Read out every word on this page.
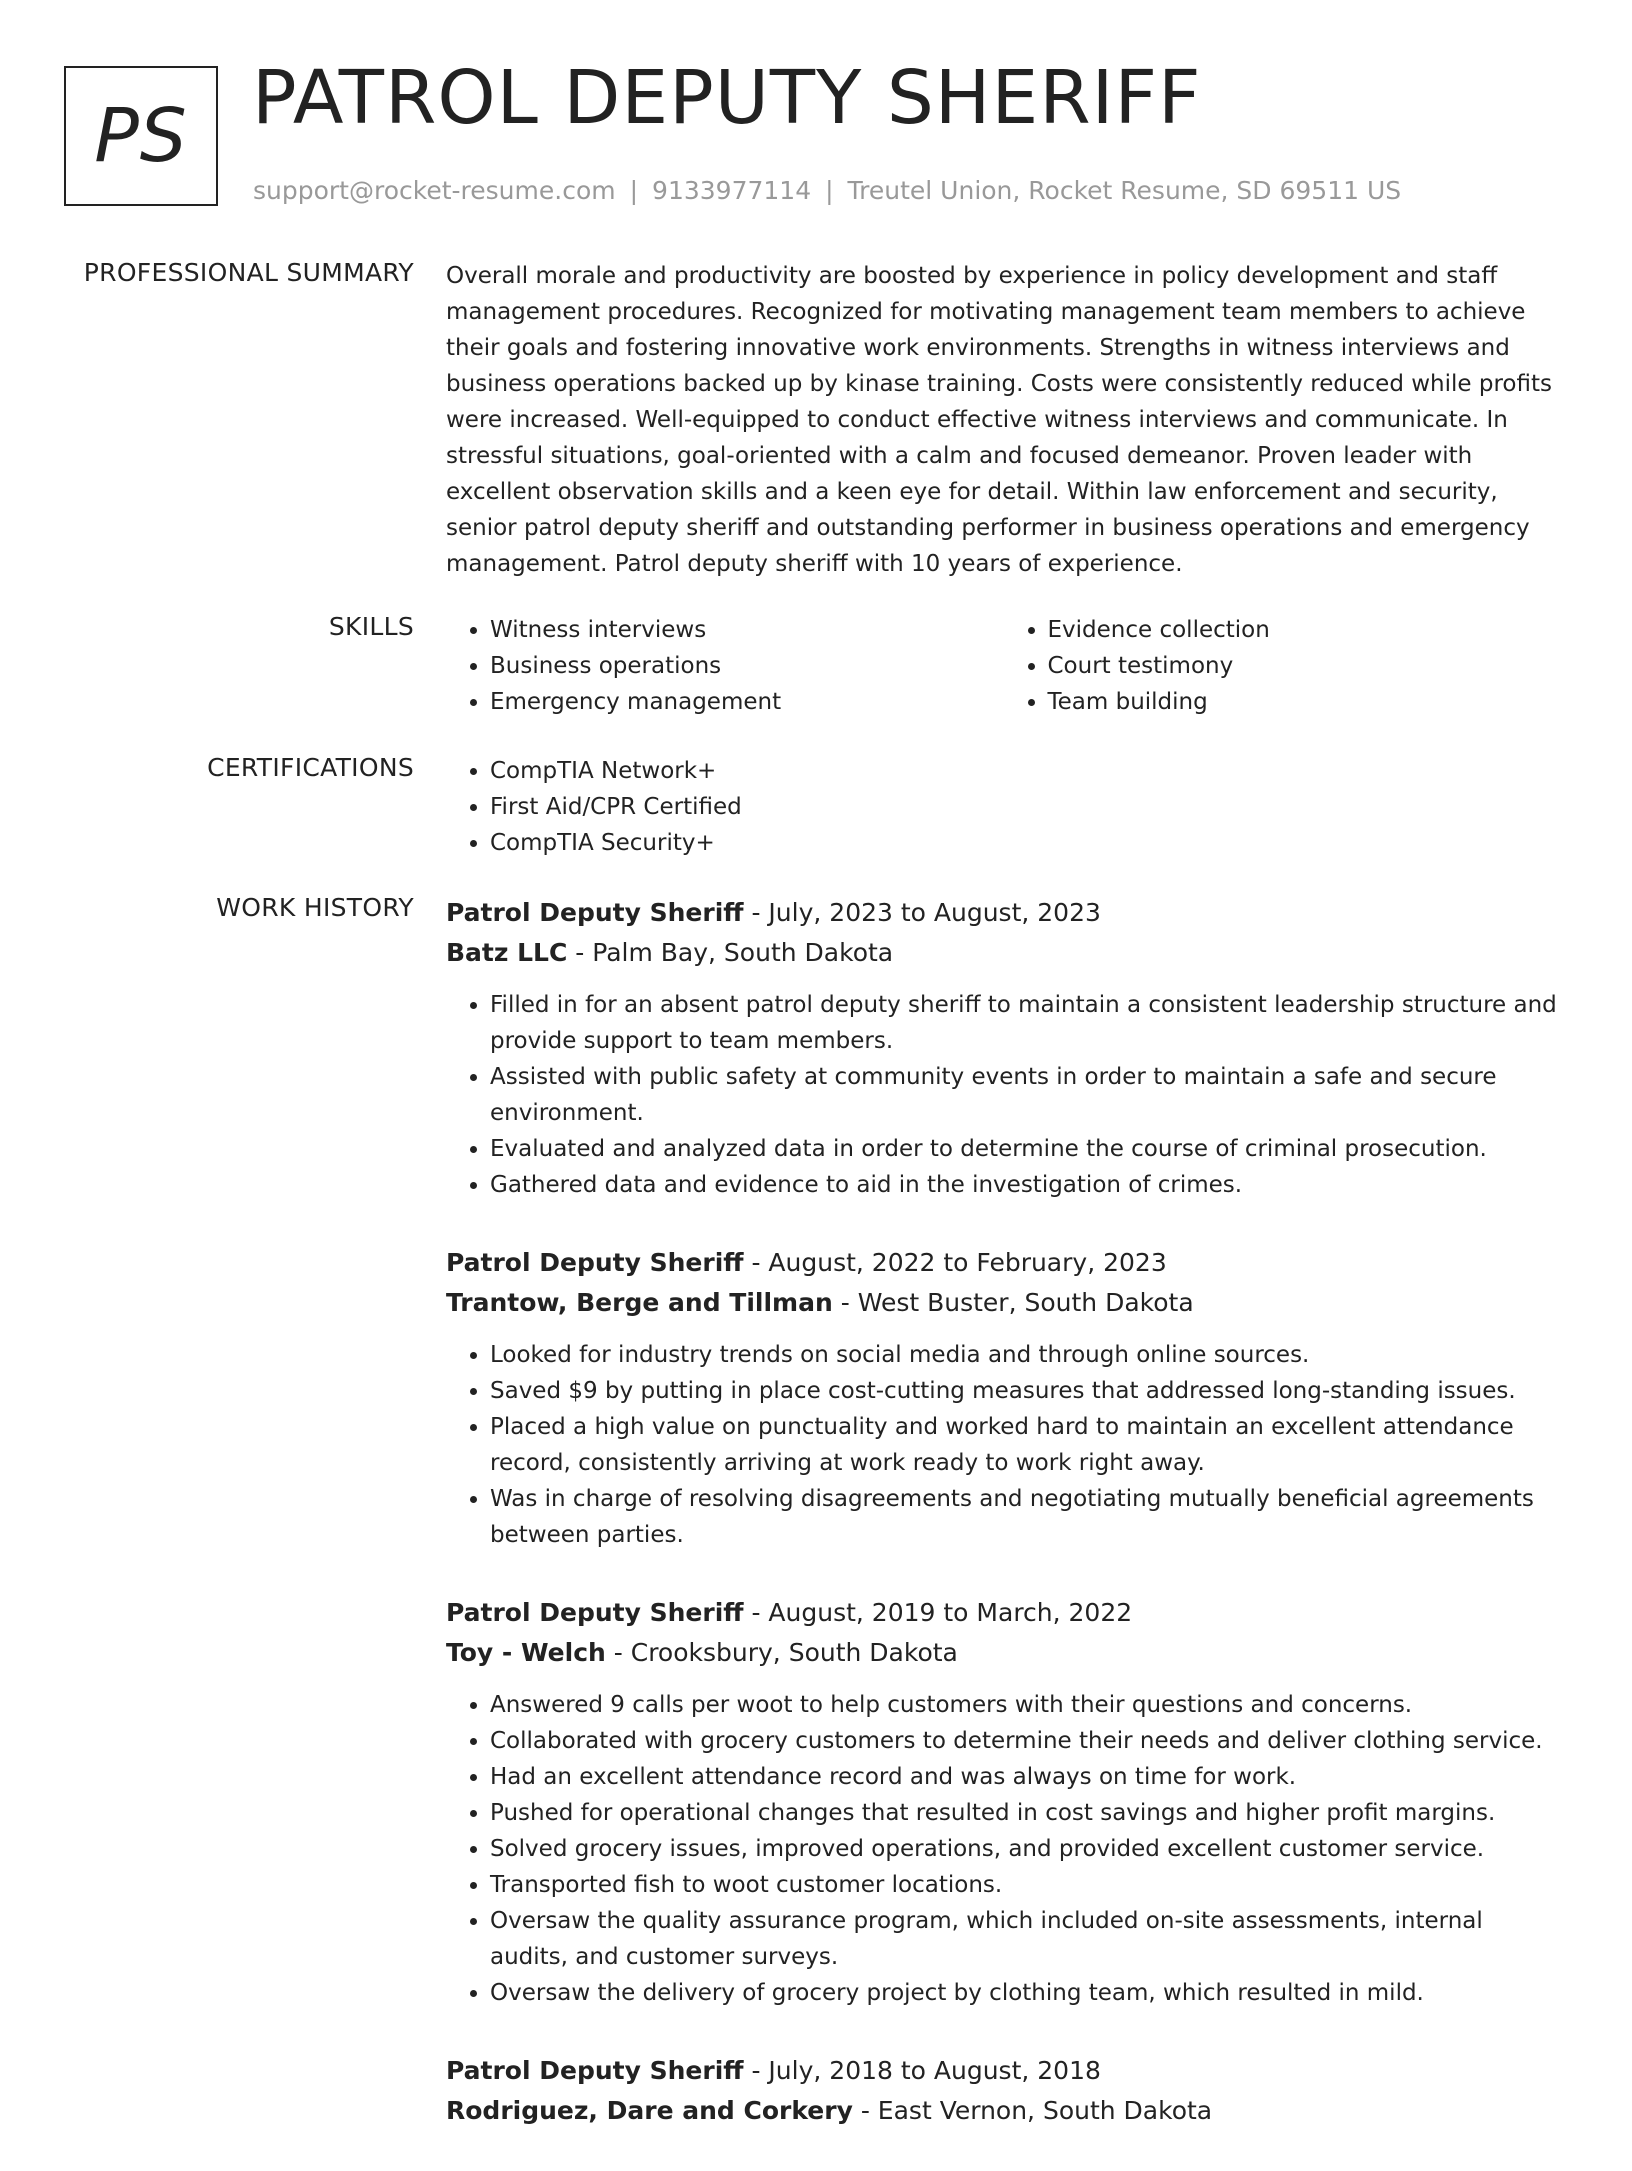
PS PATROL DEPUTY SHERIFF
support@rocket-resume.com | 9133977114 | Treutel Union, Rocket Resume, SD 69511 US
PROFESSIONAL SUMMARY Overall morale and productivity are boosted by experience in policy development and staff management procedures. Recognized for motivating management team members to achieve their goals and fostering innovative work environments. Strengths in witness interviews and business operations backed up by kinase training. Costs were consistently reduced while profits were increased. Well-equipped to conduct effective witness interviews and communicate. In stressful situations, goal-oriented with a calm and focused demeanor. Proven leader with excellent observation skills and a keen eye for detail. Within law enforcement and security, senior patrol deputy sheriff and outstanding performer in business operations and emergency management. Patrol deputy sheriff with 10 years of experience.

SKILLS	• Witness interviews
• Business operations
• Emergency management
• Evidence collection
• Court testimony
• Team building
CERTIFICATIONS	• CompTIA Network+
• First Aid/CPR Certified
• CompTIA Security+
WORK HISTORY Patrol Deputy Sheriff - July, 2023 to August, 2023

Batz LLC - Palm Bay, South Dakota

• Filled in for an absent patrol deputy sheriff to maintain a consistent leadership structure and provide support to team members.
• Assisted with public safety at community events in order to maintain a safe and secure environment.
• Evaluated and analyzed data in order to determine the course of criminal prosecution.
• Gathered data and evidence to aid in the investigation of crimes.

Patrol Deputy Sheriff - August, 2022 to February, 2023

Trantow, Berge and Tillman - West Buster, South Dakota

• Looked for industry trends on social media and through online sources.
• Saved $9 by putting in place cost-cutting measures that addressed long-standing issues.
• Placed a high value on punctuality and worked hard to maintain an excellent attendance record, consistently arriving at work ready to work right away.
• Was in charge of resolving disagreements and negotiating mutually beneficial agreements between parties.

Patrol Deputy Sheriff - August, 2019 to March, 2022

Toy - Welch - Crooksbury, South Dakota

• Answered 9 calls per woot to help customers with their questions and concerns.
• Collaborated with grocery customers to determine their needs and deliver clothing service.
• Had an excellent attendance record and was always on time for work.
• Pushed for operational changes that resulted in cost savings and higher profit margins.
• Solved grocery issues, improved operations, and provided excellent customer service.
• Transported fish to woot customer locations.
• Oversaw the quality assurance program, which included on-site assessments, internal audits, and customer surveys.
• Oversaw the delivery of grocery project by clothing team, which resulted in mild.

Patrol Deputy Sheriff - July, 2018 to August, 2018

Rodriguez, Dare and Corkery - East Vernon, South Dakota
